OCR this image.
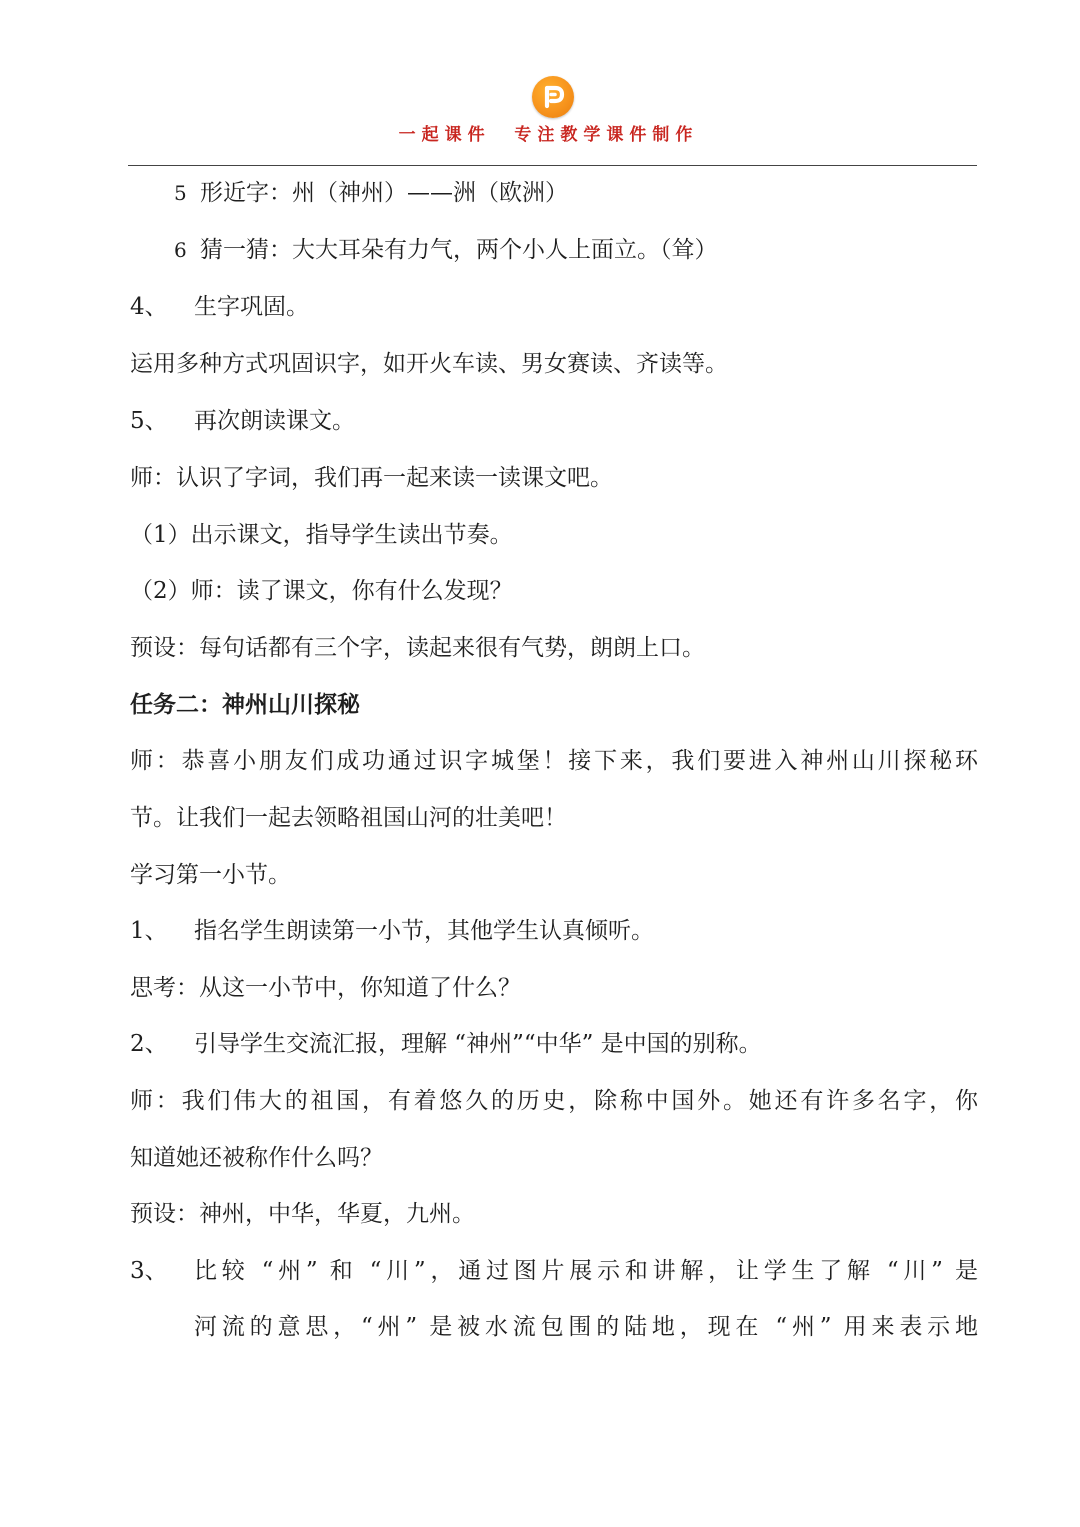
一起课件  专注教学课件制作
5 形近字：州（神州）——洲（欧洲）
6 猜一猜：大大耳朵有力气，两个小人上面立。（耸）
4、 生字巩固。
运用多种方式巩固识字，如开火车读、男女赛读、齐读等。
5、 再次朗读课文。
师：认识了字词，我们再一起来读一读课文吧。
（1）出示课文，指导学生读出节奏。
（2）师：读了课文，你有什么发现？
预设：每句话都有三个字，读起来很有气势，朗朗上口。
任务二：神州山川探秘
师：恭喜小朋友们成功通过识字城堡！接下来，我们要进入神州山川探秘环
节。让我们一起去领略祖国山河的壮美吧！
学习第一小节。
1、 指名学生朗读第一小节，其他学生认真倾听。
思考：从这一小节中，你知道了什么？
2、 引导学生交流汇报，理解 “神州”“中华” 是中国的别称。
师：我们伟大的祖国，有着悠久的历史，除称中国外。她还有许多名字，你
知道她还被称作什么吗？
预设：神州，中华，华夏，九州。
3、 比较 “州” 和 “川”，通过图片展示和讲解，让学生了解 “川” 是
河流的意思，“州” 是被水流包围的陆地，现在 “州” 用来表示地
